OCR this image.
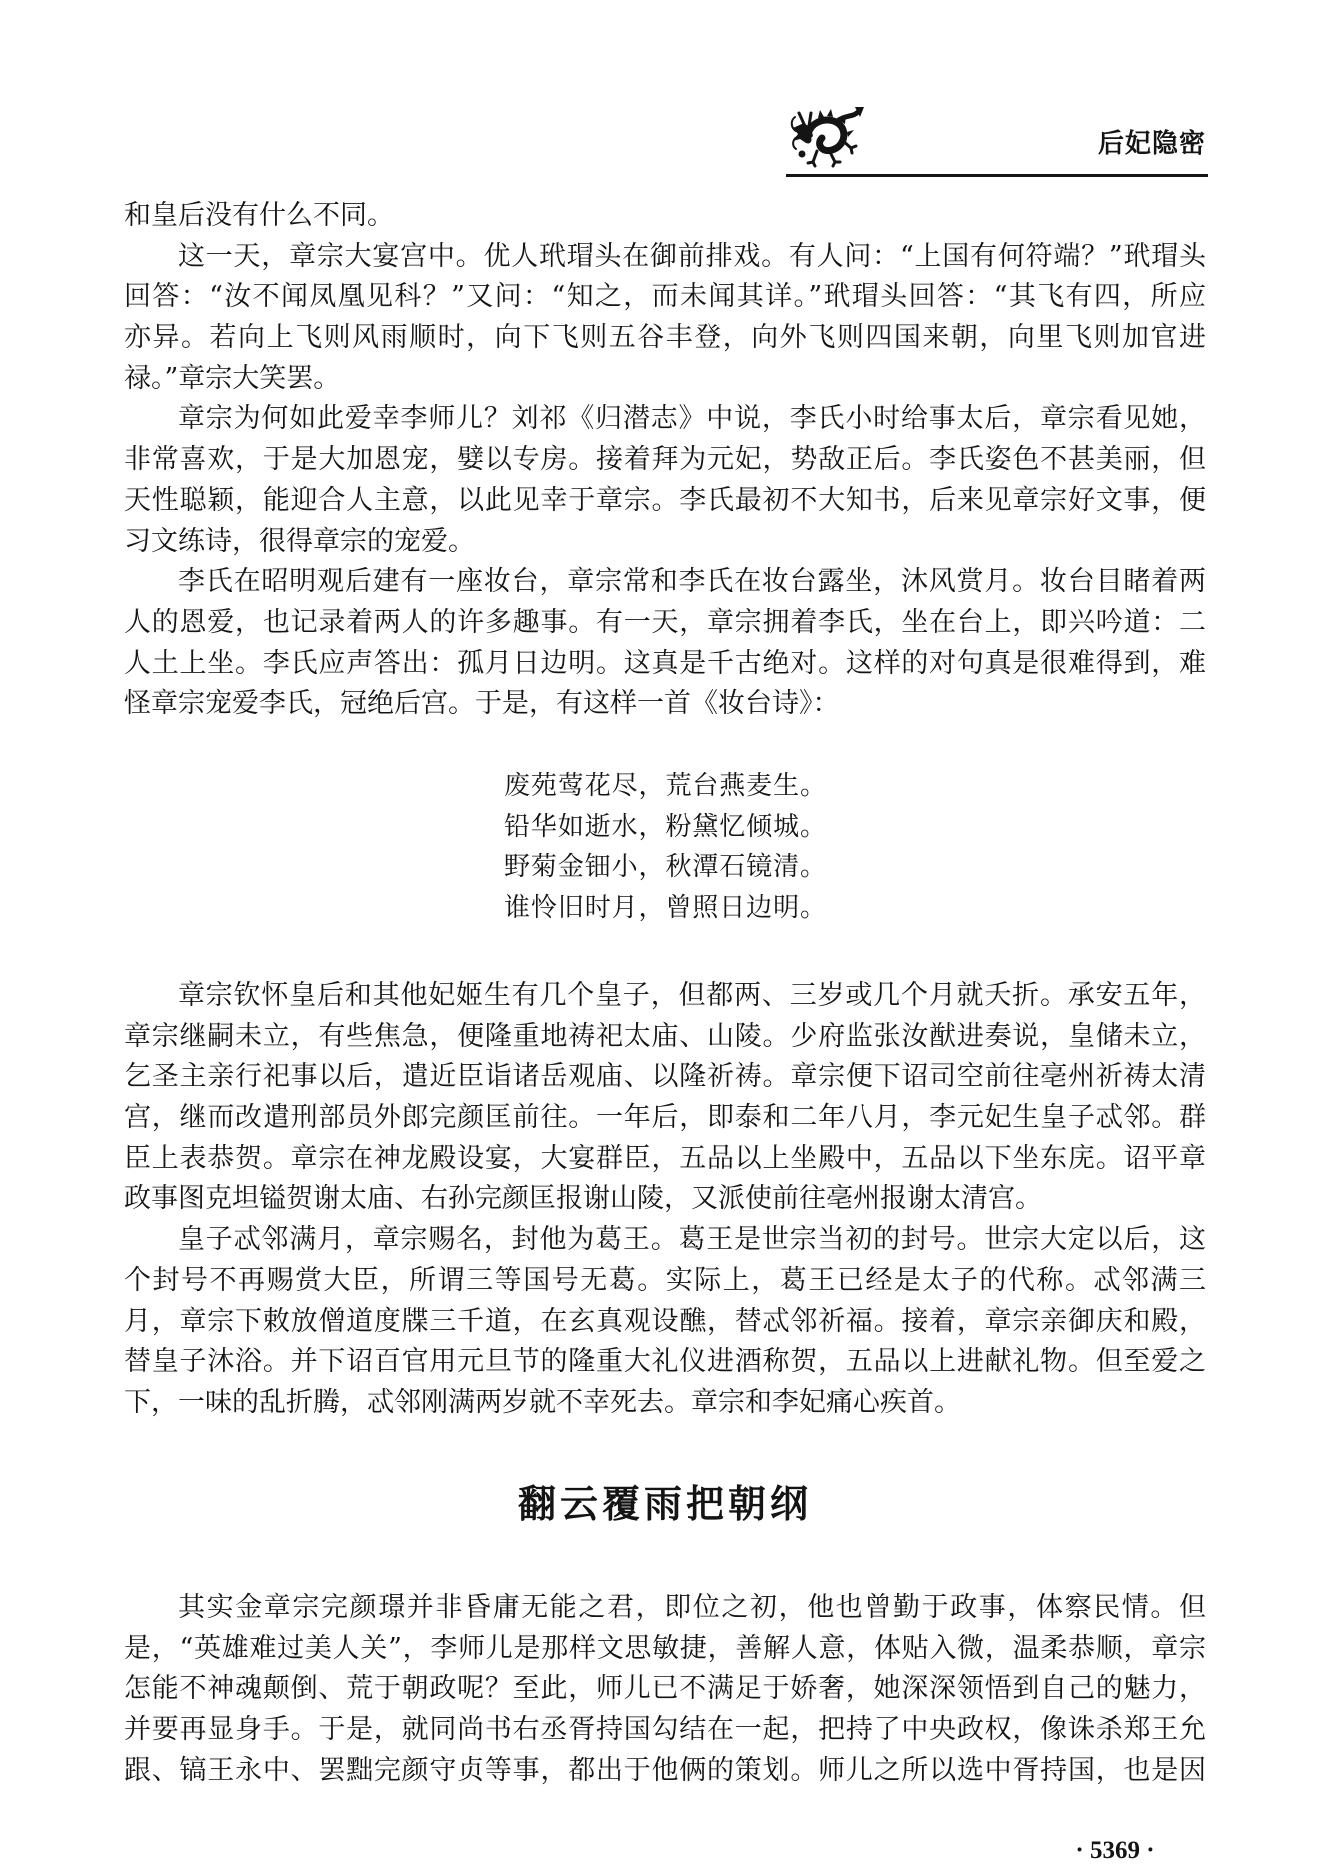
后妃隐密
和皇后没有什么不同。
这一天，章宗大宴宫中。优人玳瑁头在御前排戏。有人问：“上国有何符端？”玳瑁头
回答：“汝不闻凤凰见科？”又问：“知之，而未闻其详。”玳瑁头回答：“其飞有四，所应
亦异。若向上飞则风雨顺时，向下飞则五谷丰登，向外飞则四国来朝，向里飞则加官进
禄。”章宗大笑罢。
章宗为何如此爱幸李师儿？刘祁《归潜志》中说，李氏小时给事太后，章宗看见她，
非常喜欢，于是大加恩宠，嬖以专房。接着拜为元妃，势敌正后。李氏姿色不甚美丽，但
天性聪颖，能迎合人主意，以此见幸于章宗。李氏最初不大知书，后来见章宗好文事，便
习文练诗，很得章宗的宠爱。
李氏在昭明观后建有一座妆台，章宗常和李氏在妆台露坐，沐风赏月。妆台目睹着两
人的恩爱，也记录着两人的许多趣事。有一天，章宗拥着李氏，坐在台上，即兴吟道：二
人土上坐。李氏应声答出：孤月日边明。这真是千古绝对。这样的对句真是很难得到，难
怪章宗宠爱李氏，冠绝后宫。于是，有这样一首《妆台诗》：
废苑莺花尽，荒台燕麦生。
铅华如逝水，粉黛忆倾城。
野菊金钿小，秋潭石镜清。
谁怜旧时月，曾照日边明。
章宗钦怀皇后和其他妃姬生有几个皇子，但都两、三岁或几个月就夭折。承安五年，
章宗继嗣未立，有些焦急，便隆重地祷祀太庙、山陵。少府监张汝猷进奏说，皇储未立，
乞圣主亲行祀事以后，遣近臣诣诸岳观庙、以隆祈祷。章宗便下诏司空前往亳州祈祷太清
宫，继而改遣刑部员外郎完颜匡前往。一年后，即泰和二年八月，李元妃生皇子忒邻。群
臣上表恭贺。章宗在神龙殿设宴，大宴群臣，五品以上坐殿中，五品以下坐东庑。诏平章
政事图克坦镒贺谢太庙、右孙完颜匡报谢山陵，又派使前往亳州报谢太清宫。
皇子忒邻满月，章宗赐名，封他为葛王。葛王是世宗当初的封号。世宗大定以后，这
个封号不再赐赏大臣，所谓三等国号无葛。实际上，葛王已经是太子的代称。忒邻满三
月，章宗下敕放僧道度牒三千道，在玄真观设醮，替忒邻祈福。接着，章宗亲御庆和殿，
替皇子沐浴。并下诏百官用元旦节的隆重大礼仪进酒称贺，五品以上进献礼物。但至爱之
下，一味的乱折腾，忒邻刚满两岁就不幸死去。章宗和李妃痛心疾首。
翻云覆雨把朝纲
其实金章宗完颜璟并非昏庸无能之君，即位之初，他也曾勤于政事，体察民情。但
是，“英雄难过美人关”，李师儿是那样文思敏捷，善解人意，体贴入微，温柔恭顺，章宗
怎能不神魂颠倒、荒于朝政呢？至此，师儿已不满足于娇奢，她深深领悟到自己的魅力，
并要再显身手。于是，就同尚书右丞胥持国勾结在一起，把持了中央政权，像诛杀郑王允
跟、镐王永中、罢黜完颜守贞等事，都出于他俩的策划。师儿之所以选中胥持国，也是因
· 5369 ·
